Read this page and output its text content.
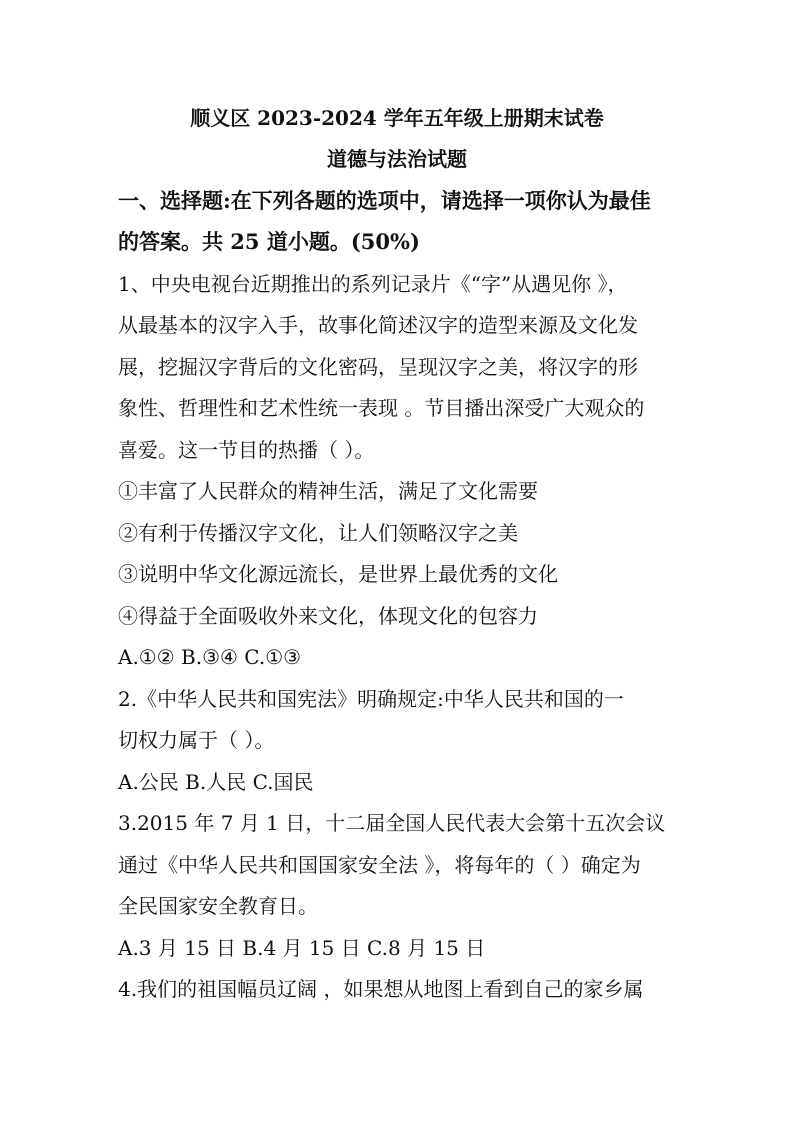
顺义区 2023-2024 学年五年级上册期末试卷
道德与法治试题
一、选择题:在下列各题的选项中，请选择一项你认为最佳
的答案。共 25 道小题。(50%)
1、中央电视台近期推出的系列记录片《“字”从遇见你 》，
从最基本的汉字入手，故事化简述汉字的造型来源及文化发
展，挖掘汉字背后的文化密码，呈现汉字之美，将汉字的形
象性、哲理性和艺术性统一表现 。节目播出深受广大观众的
喜爱。这一节目的热播（ ）。
①丰富了人民群众的精神生活，满足了文化需要
②有利于传播汉字文化，让人们领略汉字之美
③说明中华文化源远流长，是世界上最优秀的文化
④得益于全面吸收外来文化，体现文化的包容力
A.①② B.③④ C.①③
2.《中华人民共和国宪法》明确规定:中华人民共和国的一
切权力属于（ ）。
A.公民 B.人民 C.国民
3.2015 年 7 月 1 日，十二届全国人民代表大会第十五次会议
通过《中华人民共和国国家安全法 》，将每年的（ ）确定为
全民国家安全教育日。
A.3 月 15 日 B.4 月 15 日 C.8 月 15 日
4.我们的祖国幅员辽阔 ，如果想从地图上看到自己的家乡属
